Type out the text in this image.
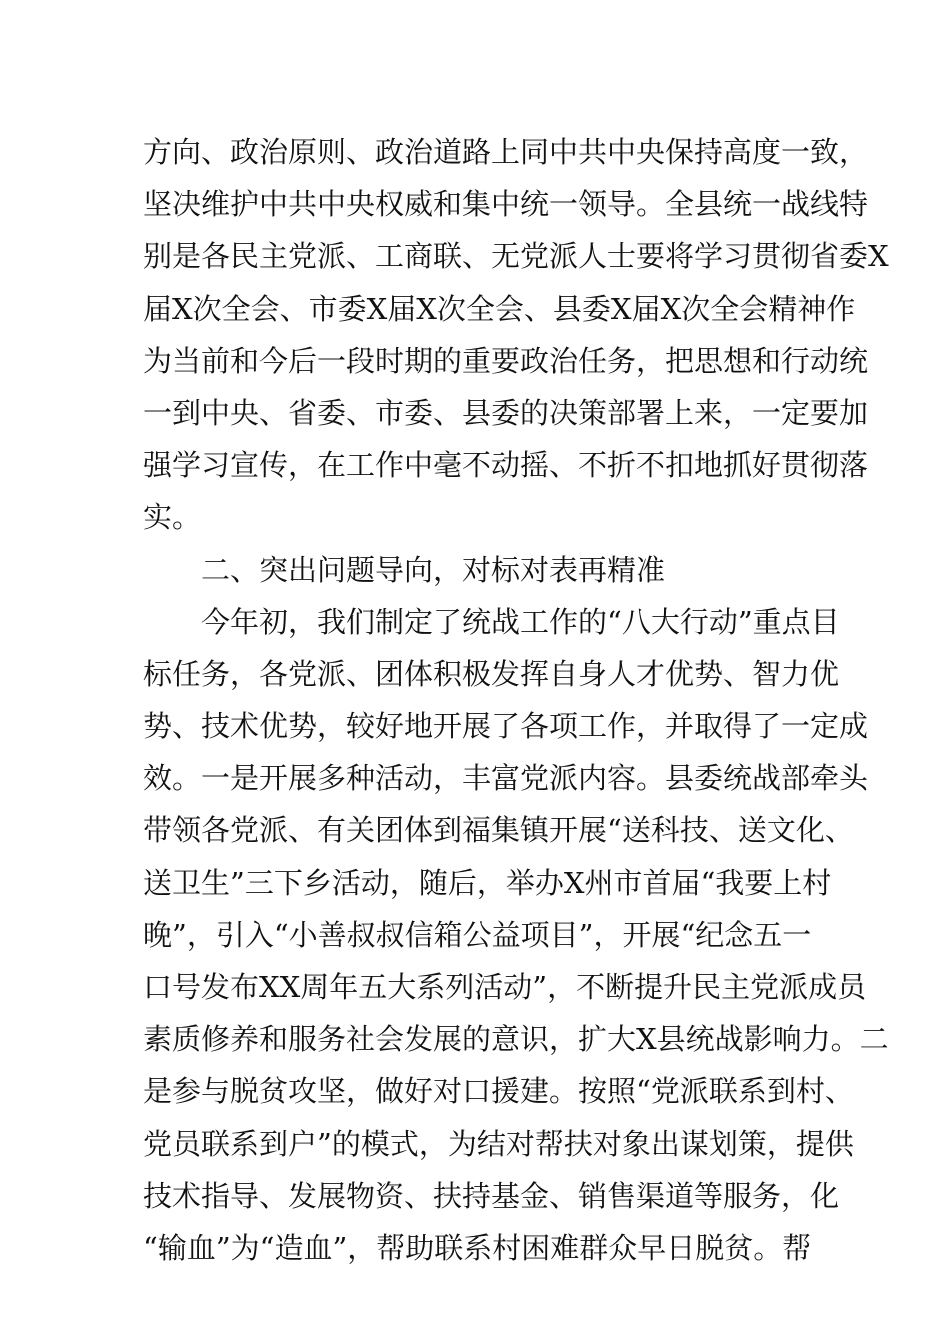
方向、政治原则、政治道路上同中共中央保持高度一致，
坚决维护中共中央权威和集中统一领导。全县统一战线特
别是各民主党派、工商联、无党派人士要将学习贯彻省委X
届X次全会、市委X届X次全会、县委X届X次全会精神作
为当前和今后一段时期的重要政治任务，把思想和行动统
一到中央、省委、市委、县委的决策部署上来，一定要加
强学习宣传，在工作中毫不动摇、不折不扣地抓好贯彻落
实。
二、突出问题导向，对标对表再精准
今年初，我们制定了统战工作的“八大行动”重点目
标任务，各党派、团体积极发挥自身人才优势、智力优
势、技术优势，较好地开展了各项工作，并取得了一定成
效。一是开展多种活动，丰富党派内容。县委统战部牵头
带领各党派、有关团体到福集镇开展“送科技、送文化、
送卫生”三下乡活动，随后，举办X州市首届“我要上村
晚”，引入“小善叔叔信箱公益项目”，开展“纪念五一
口号发布XX周年五大系列活动”，不断提升民主党派成员
素质修养和服务社会发展的意识，扩大X县统战影响力。二
是参与脱贫攻坚，做好对口援建。按照“党派联系到村、
党员联系到户”的模式，为结对帮扶对象出谋划策，提供
技术指导、发展物资、扶持基金、销售渠道等服务，化
“输血”为“造血”，帮助联系村困难群众早日脱贫。帮
